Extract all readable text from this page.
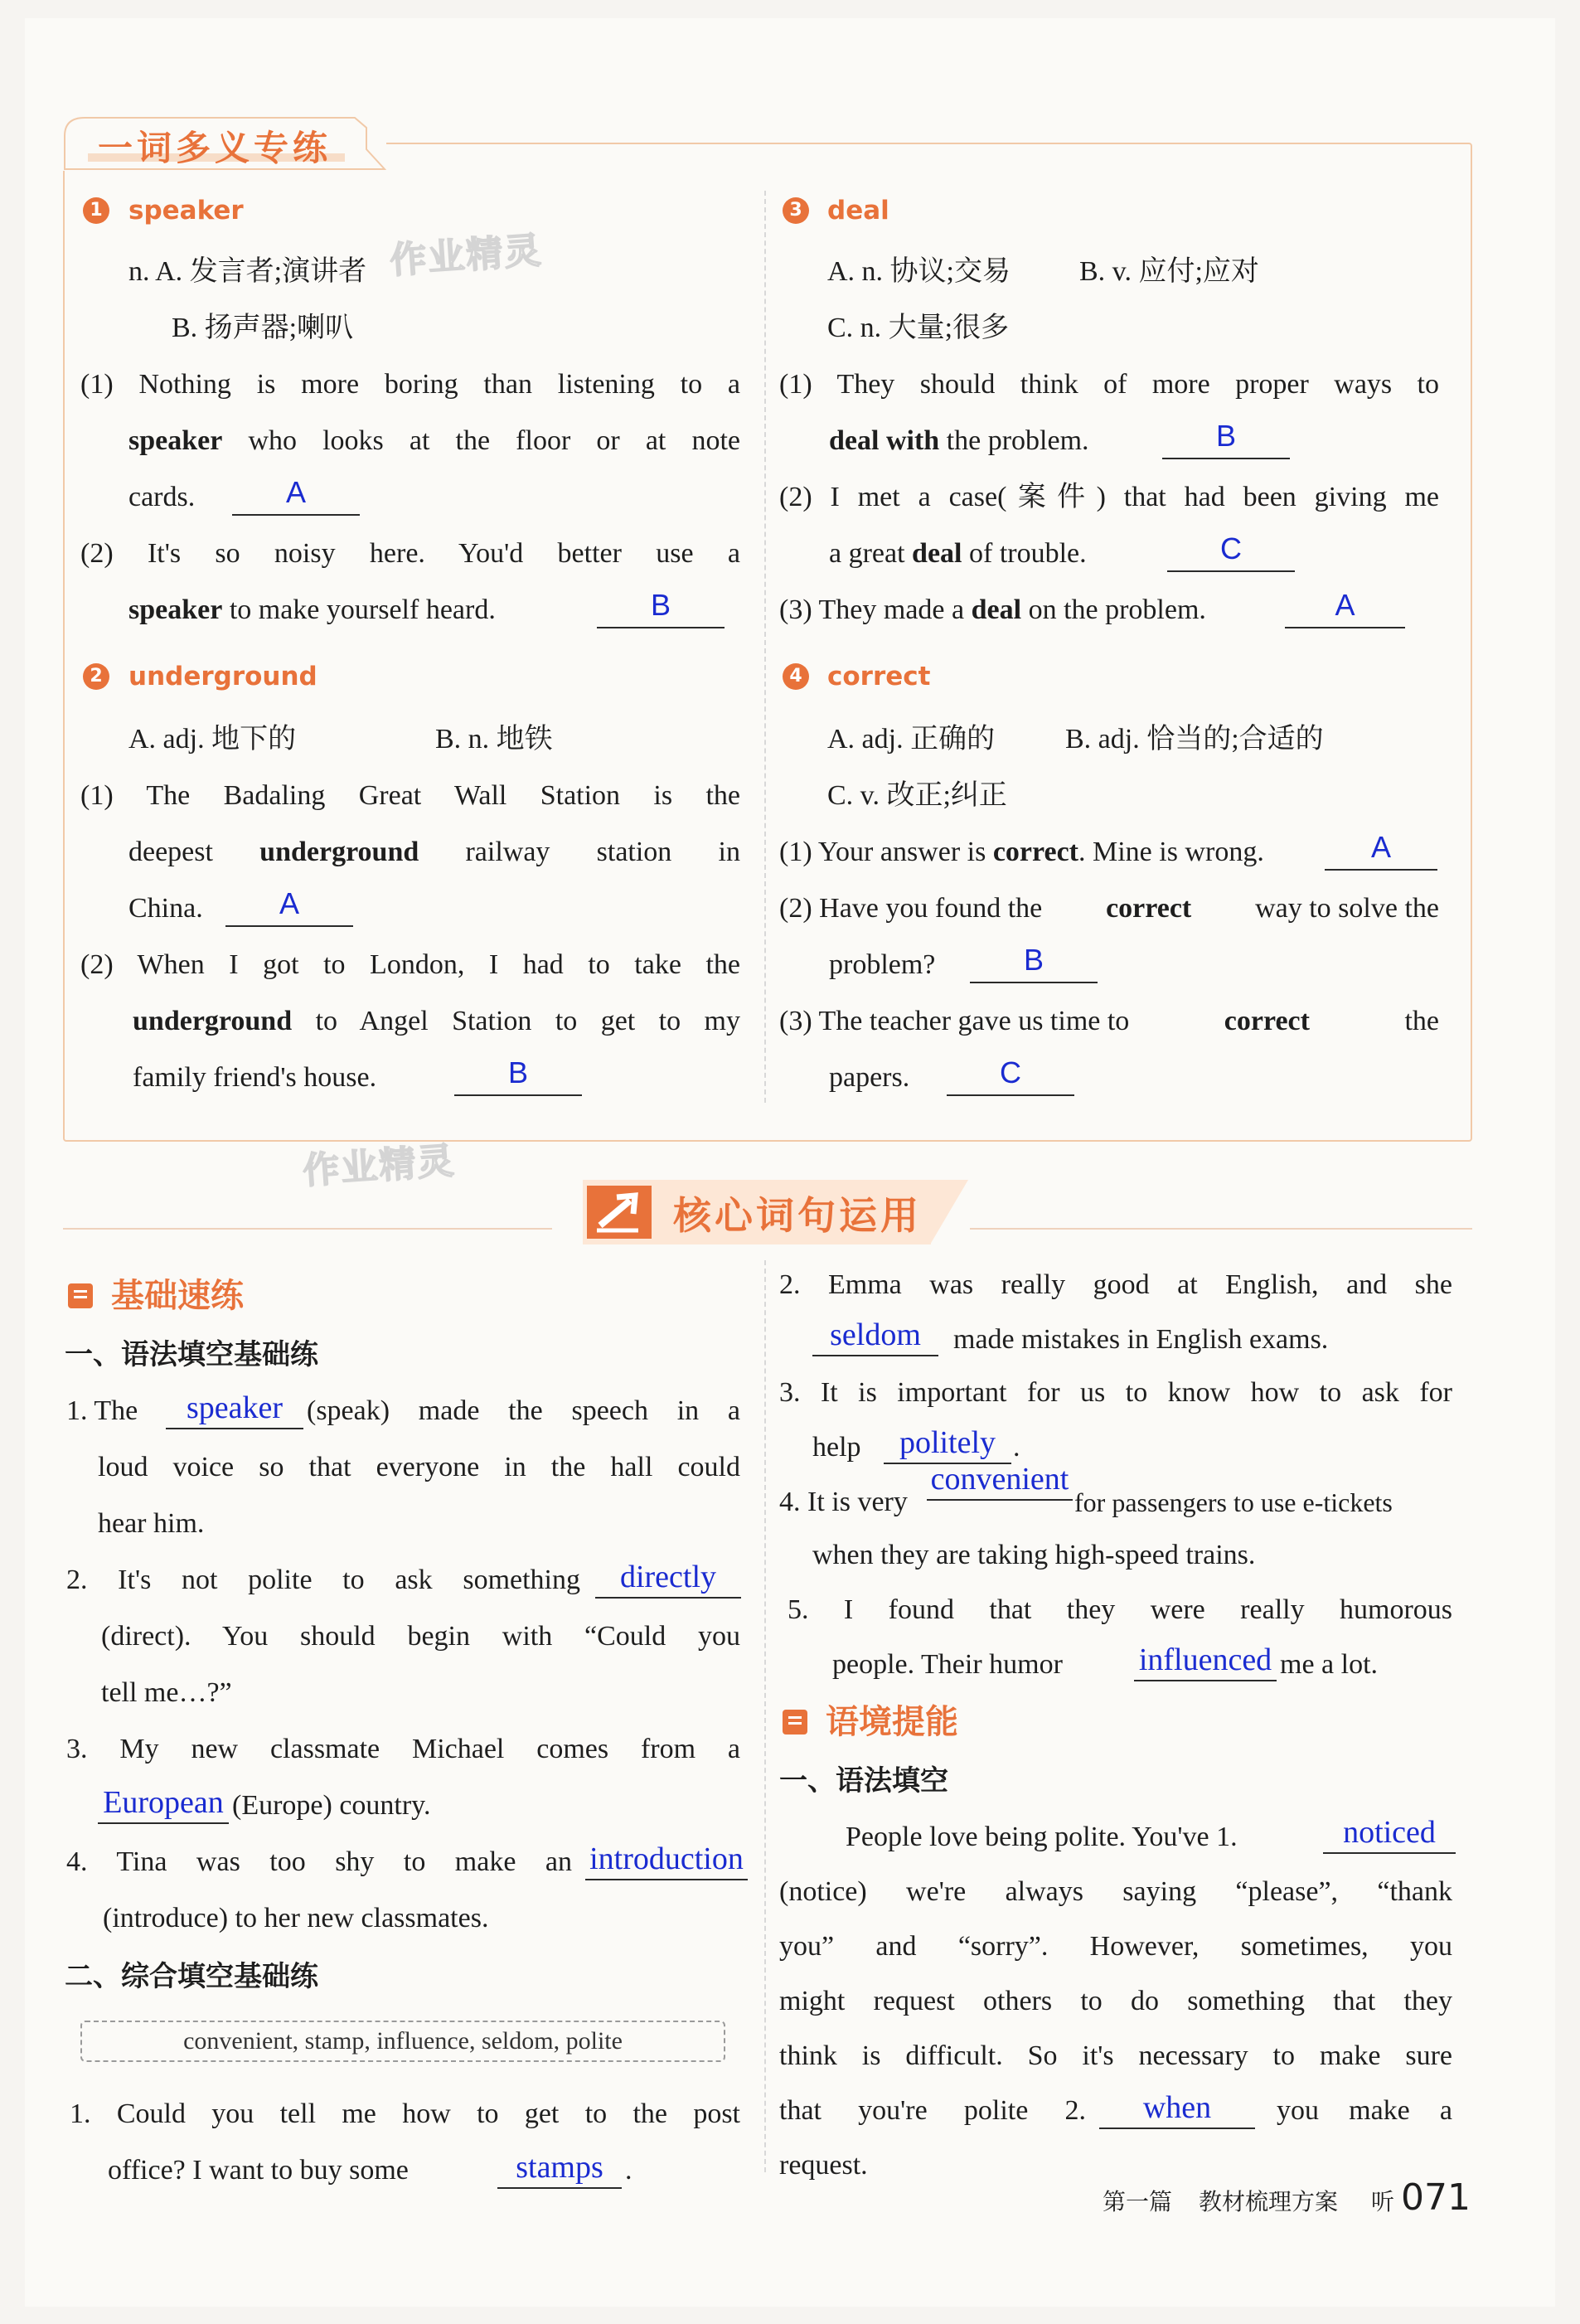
一词多义专练
作业精灵
作业精灵
1 speaker
n. A. 发言者;演讲者
B. 扬声器;喇叭
(1) Nothing is more boring than listening to a
speaker who looks at the floor or at note
cards.	A
(2) It's so noisy here. You'd better use a
speaker to make yourself heard.	B
2 underground
A. adj. 地下的	B. n. 地铁
(1) The Badaling Great Wall Station is the
deepest underground railway station in
China.	A
(2) When I got to London, I had to take the
underground to Angel Station to get to my
family friend's house.	B
3 deal
A. n. 协议;交易 B. v. 应付;应对
C. n. 大量;很多
(1) They should think of more proper ways to
deal with the problem.	B
(2) I met a case(案件) that had been giving me
a great deal of trouble.	C
(3) They made a deal on the problem.	A
4 correct
A. adj. 正确的 B. adj. 恰当的;合适的
C. v. 改正;纠正
(1) Your answer is correct. Mine is wrong.	A
(2) Have you found the correct way to solve the
problem?	B
(3) The teacher gave us time to	correct	the
papers.	C
核心词句运用
基础速练
一、语法填空基础练
1. The	speaker (speak) made the speech in a
loud voice so that everyone in the hall could
hear him.
2. It's not polite to ask something	directly
(direct). You should begin with “Could you
tell me…?”
3. My new classmate Michael comes from a
European (Europe) country.
4. Tina was too shy to make an introduction
(introduce) to her new classmates.
二、综合填空基础练
convenient, stamp, influence, seldom, polite
1. Could you tell me how to get to the post
office? I want to buy some	stamps .
2. Emma was really good at English, and she
seldom	made mistakes in English exams.
3. It is important for us to know how to ask for
help	politely .
4. It is very
convenient
for passengers to use e-tickets
when they are taking high-speed trains.
5. I found that they were really humorous
people. Their humor influenced me a lot.
语境提能
一、语法填空
People love being polite. You've 1.	noticed
(notice) we're always saying “please”, “thank
you” and “sorry”. However, sometimes, you
might request others to do something that they
think is difficult. So it's necessary to make sure
that you're polite 2.	when	you make a
request.
第一篇 教材梳理方案 听 071
